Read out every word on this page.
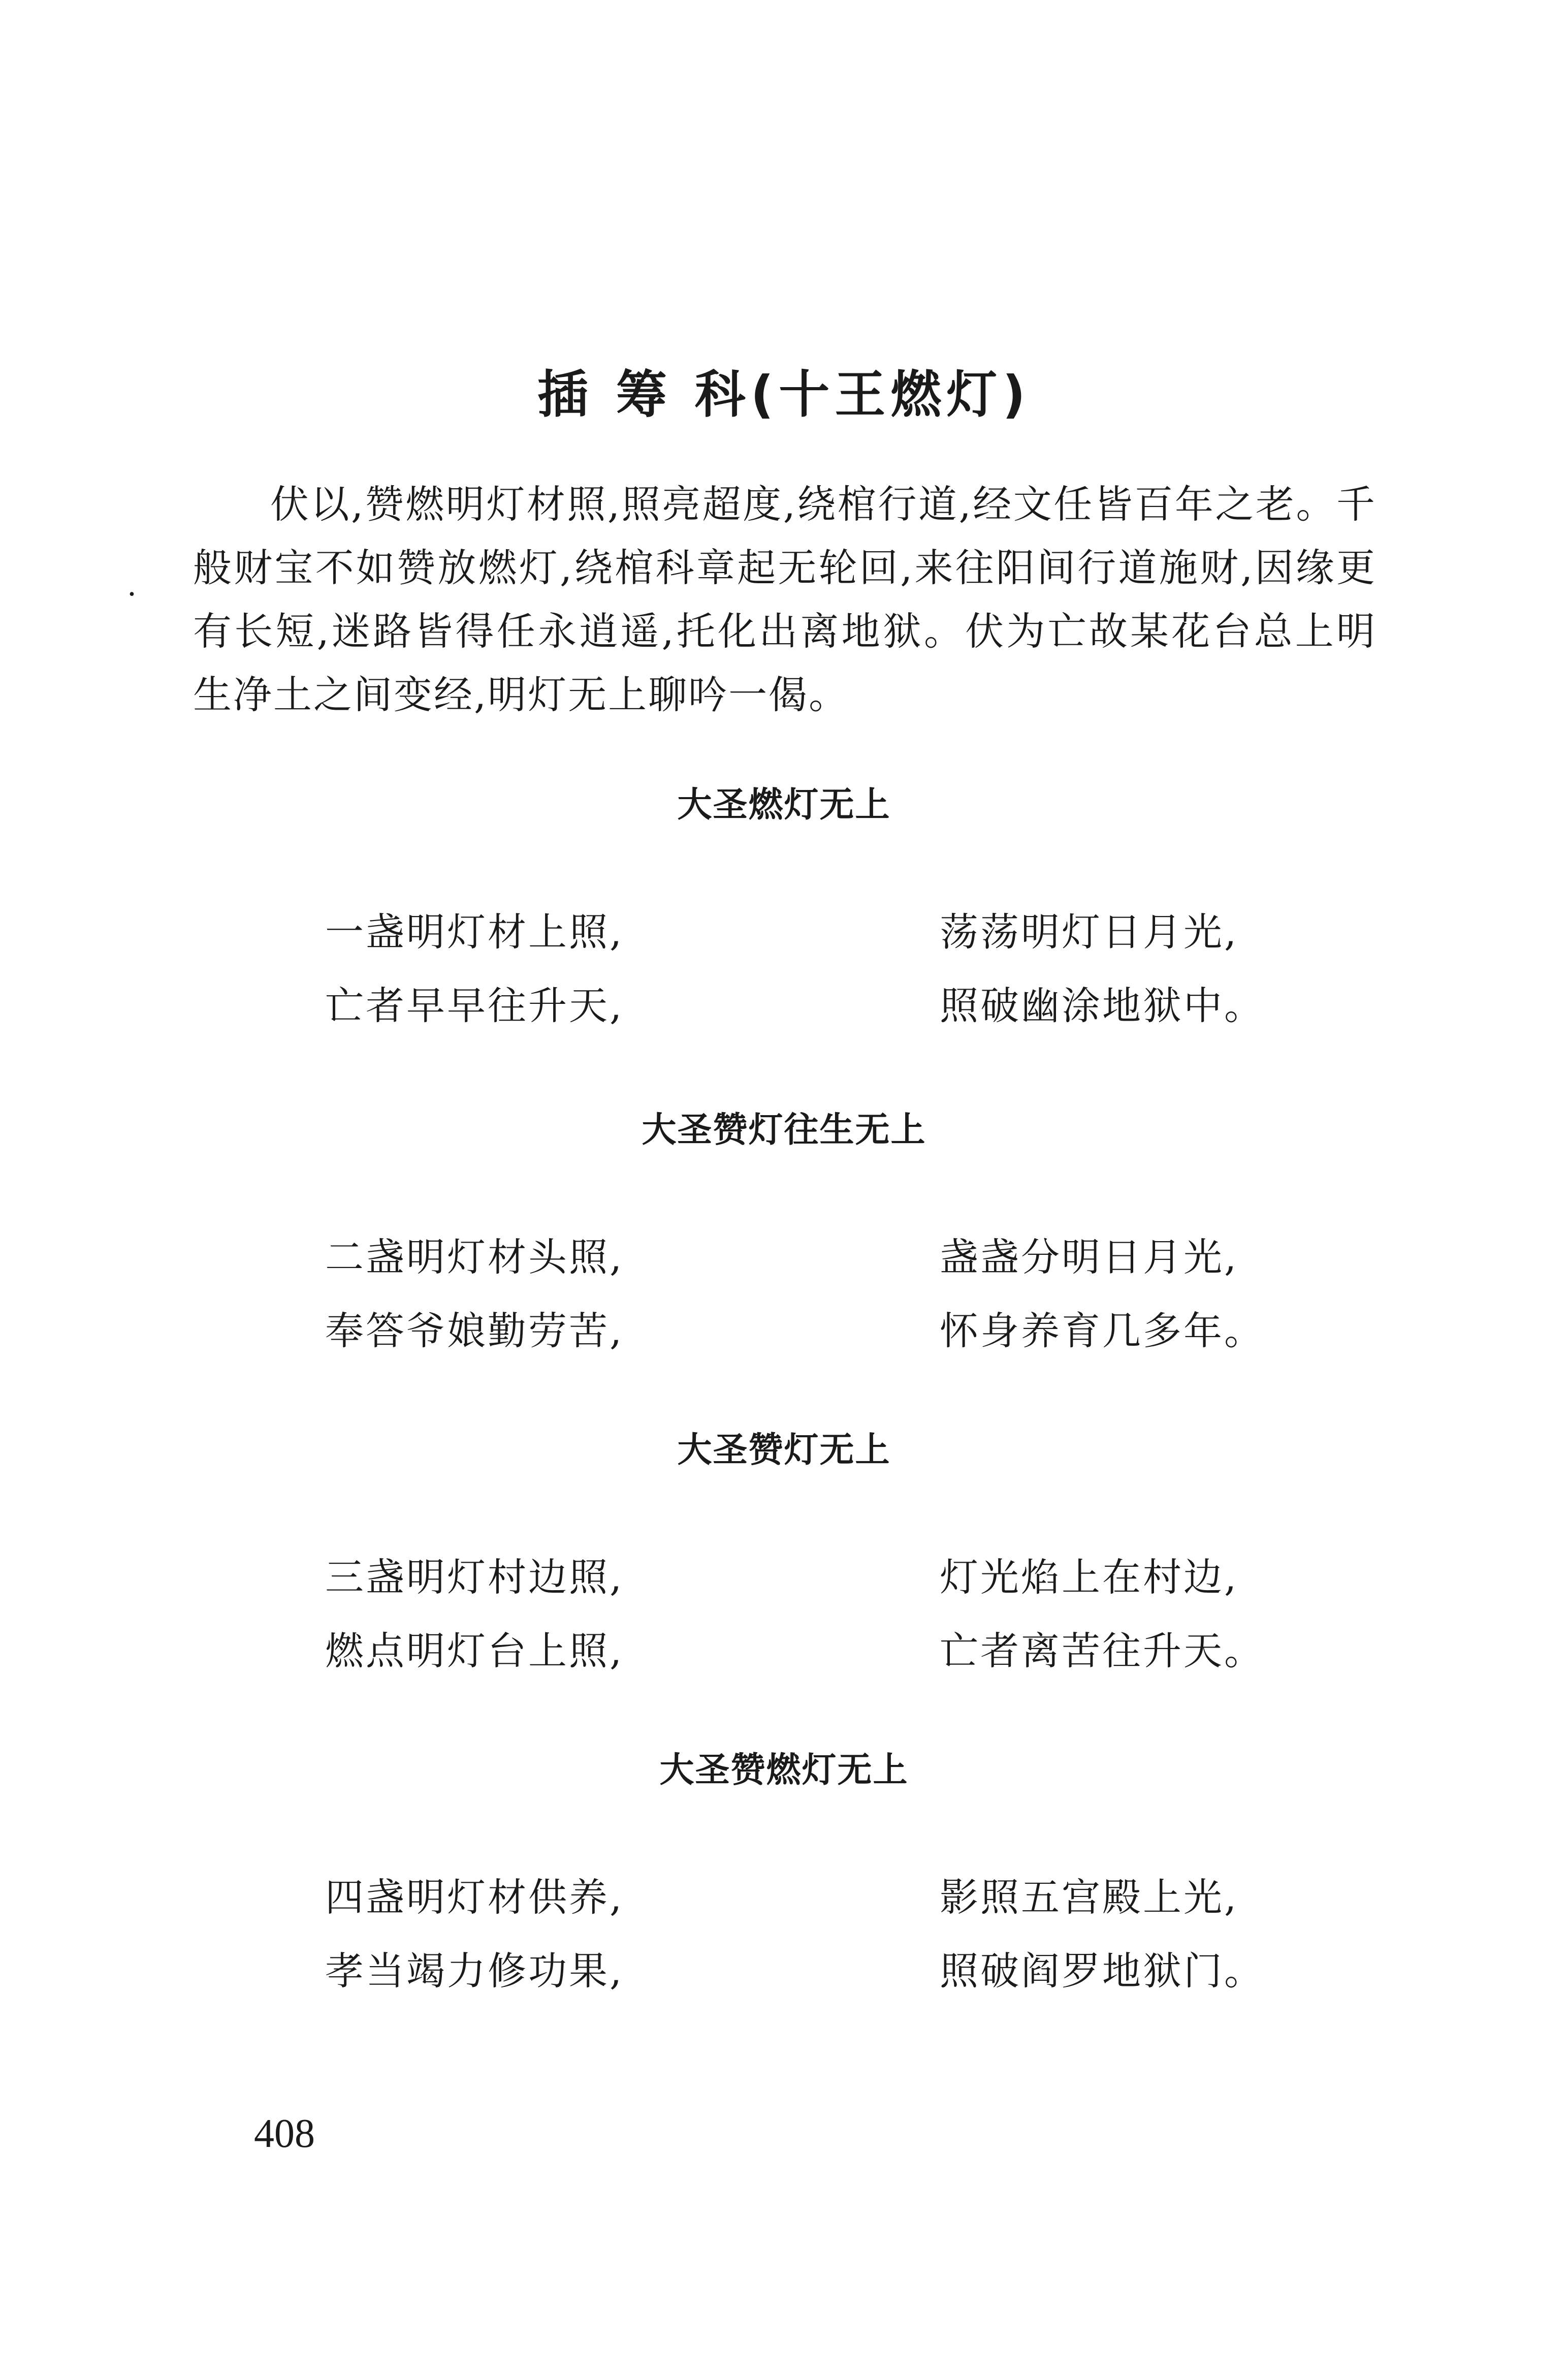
插 筹 科(十王燃灯)
·

伏以,赞燃明灯材照,照亮超度,绕棺行道,经文任皆百年之老。千般财宝不如赞放燃灯,绕棺科章起无轮回,来往阳间行道施财,因缘更有长短,迷路皆得任永逍遥,托化出离地狱。伏为亡故某花台总上明生净土之间变经,明灯无上聊吟一偈。

大圣燃灯无上
一盏明灯材上照,	荡荡明灯日月光,
亡者早早往升天,	照破幽涂地狱中。
大圣赞灯往生无上
二盏明灯材头照,	盏盏分明日月光,
奉答爷娘勤劳苦,	怀身养育几多年。
大圣赞灯无上
三盏明灯村边照,	灯光焰上在村边,
燃点明灯台上照,	亡者离苦往升天。
大圣赞燃灯无上
四盏明灯材供养,	影照五宫殿上光,
孝当竭力修功果,	照破阎罗地狱门。
408
